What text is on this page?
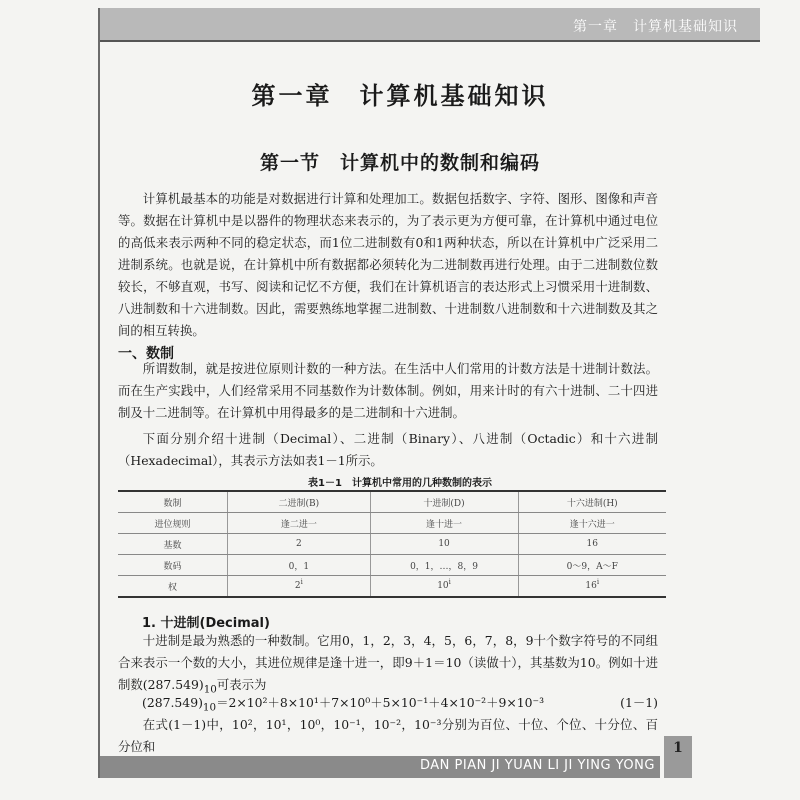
第一章　计算机基础知识
第一章　计算机基础知识
第一节　计算机中的数制和编码
计算机最基本的功能是对数据进行计算和处理加工。数据包括数字、字符、图形、图像和声音等。数据在计算机中是以器件的物理状态来表示的，为了表示更为方便可靠，在计算机中通过电位的高低来表示两种不同的稳定状态，而1位二进制数有0和1两种状态，所以在计算机中广泛采用二进制系统。也就是说，在计算机中所有数据都必须转化为二进制数再进行处理。由于二进制数位数较长，不够直观，书写、阅读和记忆不方便，我们在计算机语言的表达形式上习惯采用十进制数、八进制数和十六进制数。因此，需要熟练地掌握二进制数、十进制数八进制数和十六进制数及其之间的相互转换。
一、数制
所谓数制，就是按进位原则计数的一种方法。在生活中人们常用的计数方法是十进制计数法。而在生产实践中，人们经常采用不同基数作为计数体制。例如，用来计时的有六十进制、二十四进制及十二进制等。在计算机中用得最多的是二进制和十六进制。
下面分别介绍十进制（Decimal）、二进制（Binary）、八进制（Octadic）和十六进制（Hexadecimal），其表示方法如表1－1所示。
表1－1　计算机中常用的几种数制的表示
数制	二进制(B)	十进制(D)	十六进制(H)
进位规则	逢二进一	逢十进一	逢十六进一
基数	2	10	16
数码	0，1	0，1，…，8，9	0～9，A～F
权	2$^i$	10$^i$	16$^i$
1. 十进制(Decimal)
十进制是最为熟悉的一种数制。它用0，1，2，3，4，5，6，7，8，9十个数字符号的不同组合来表示一个数的大小，其进位规律是逢十进一，即9＋1＝10（读做十），其基数为10。例如十进制数$(287.549)_{10}$可表示为
$(287.549)_{10}=2\times 10^2+8\times 10^1+7\times 10^0+5\times 10^{-1}+4\times 10^{-2}+9\times 10^{-3}$	(1－1)
在式(1－1)中，10²，10¹，10⁰，10⁻¹，10⁻²，10⁻³分别为百位、十位、个位、十分位、百分位和
DAN PIAN JI YUAN LI JI YING YONG
1
